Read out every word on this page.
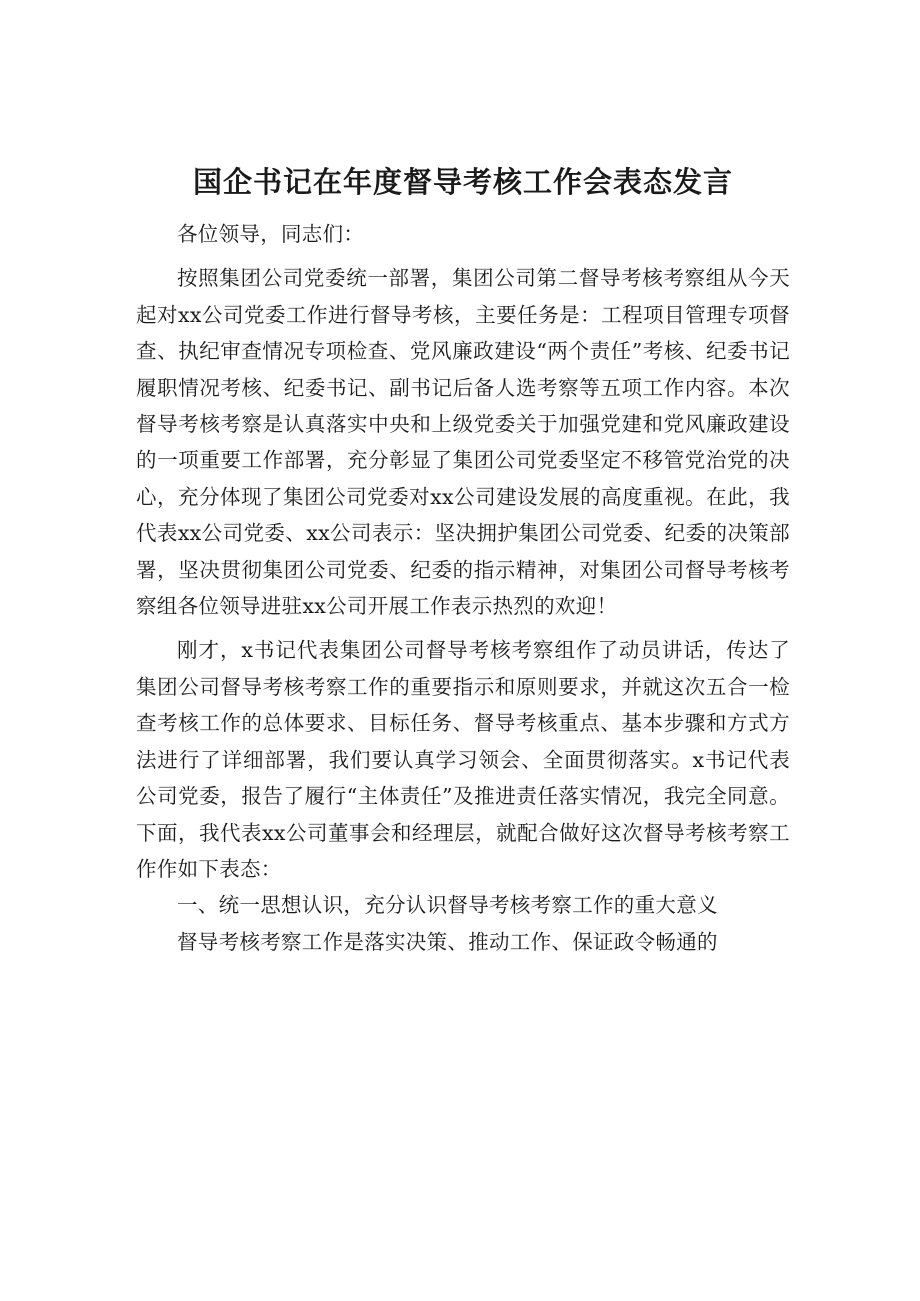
国企书记在年度督导考核工作会表态发言

各位领导，同志们：

按照集团公司党委统一部署，集团公司第二督导考核考察组从今天起对xx公司党委工作进行督导考核，主要任务是：工程项目管理专项督查、执纪审查情况专项检查、党风廉政建设“两个责任”考核、纪委书记履职情况考核、纪委书记、副书记后备人选考察等五项工作内容。本次督导考核考察是认真落实中央和上级党委关于加强党建和党风廉政建设的一项重要工作部署，充分彰显了集团公司党委坚定不移管党治党的决心，充分体现了集团公司党委对xx公司建设发展的高度重视。在此，我代表xx公司党委、xx公司表示：坚决拥护集团公司党委、纪委的决策部署，坚决贯彻集团公司党委、纪委的指示精神，对集团公司督导考核考察组各位领导进驻xx公司开展工作表示热烈的欢迎！

刚才，x书记代表集团公司督导考核考察组作了动员讲话，传达了集团公司督导考核考察工作的重要指示和原则要求，并就这次五合一检查考核工作的总体要求、目标任务、督导考核重点、基本步骤和方式方法进行了详细部署，我们要认真学习领会、全面贯彻落实。x书记代表公司党委，报告了履行“主体责任”及推进责任落实情况，我完全同意。下面，我代表xx公司董事会和经理层，就配合做好这次督导考核考察工作作如下表态：

一、统一思想认识，充分认识督导考核考察工作的重大意义

督导考核考察工作是落实决策、推动工作、保证政令畅通的
